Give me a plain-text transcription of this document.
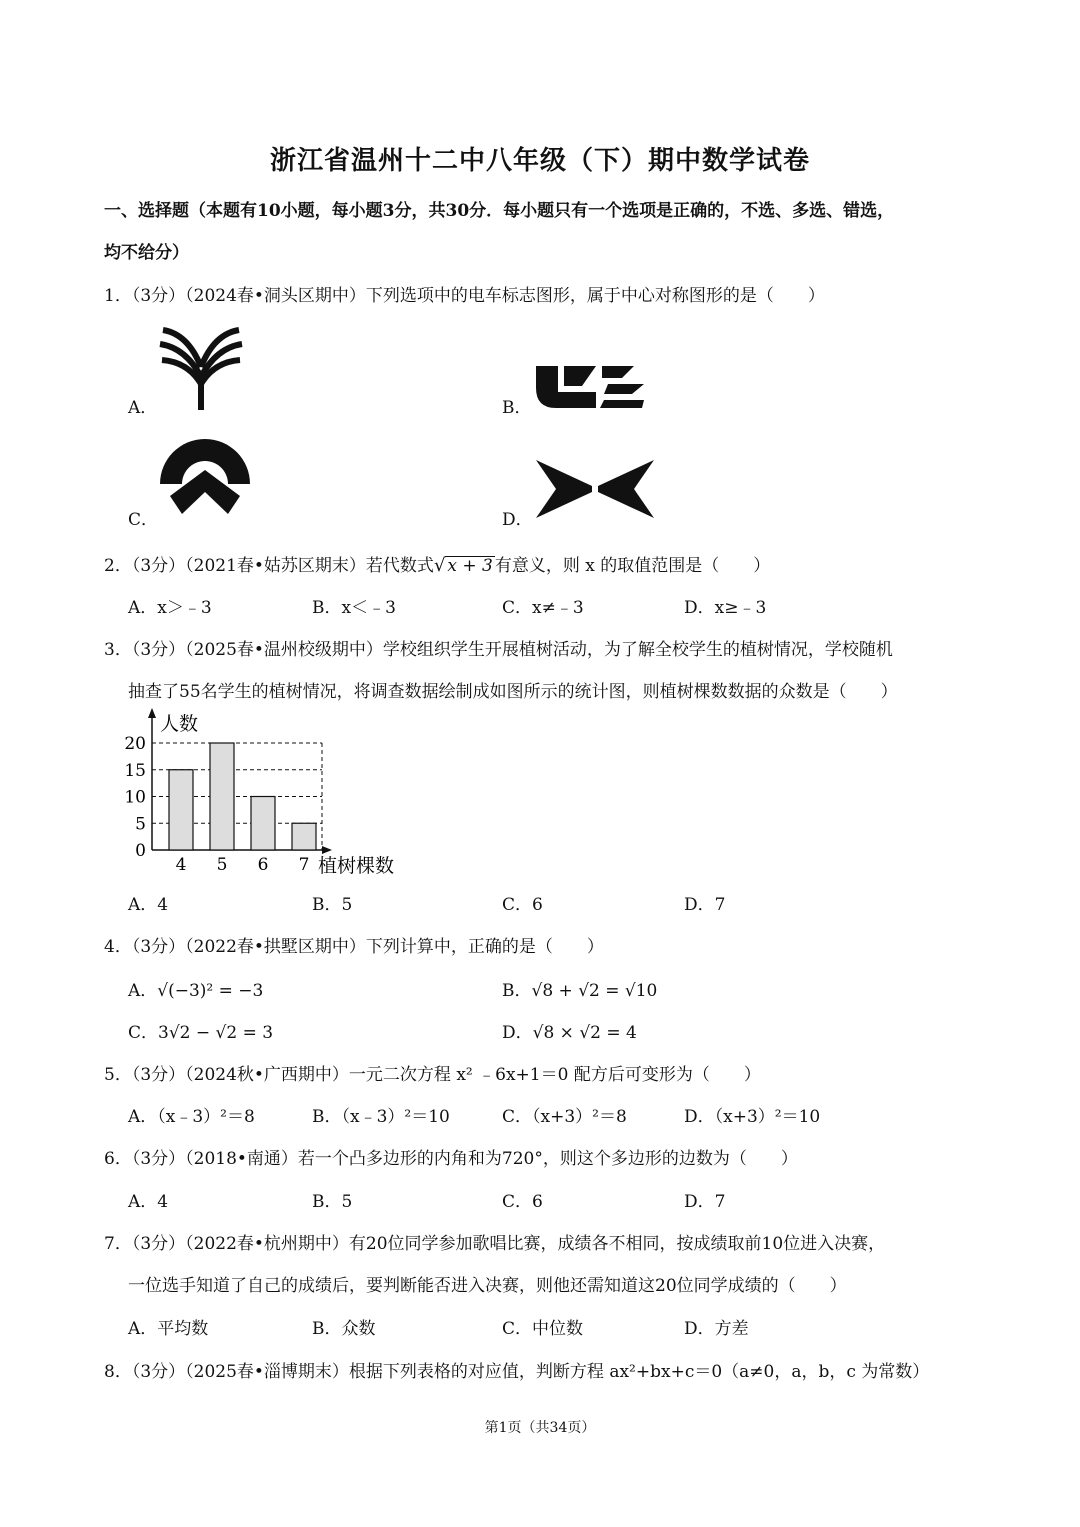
浙江省温州十二中八年级（下）期中数学试卷
一、选择题（本题有10小题，每小题3分，共30分．每小题只有一个选项是正确的，不选、多选、错选，
均不给分）
1．（3分）（2024春•洞头区期中）下列选项中的电车标志图形，属于中心对称图形的是（　　）
A．	B．
C．	D．
2．（3分）（2021春•姑苏区期末）若代数式√ x + 3 有意义，则 x 的取值范围是（　　）
A．x＞﹣3	B．x＜﹣3	C．x≠﹣3	D．x≥﹣3
3．（3分）（2025春•温州校级期中）学校组织学生开展植树活动，为了解全校学生的植树情况，学校随机
抽查了55名学生的植树情况，将调查数据绘制成如图所示的统计图，则植树棵数数据的众数是（　　）
0
5
10
15
20
4 5 6 7
人数
植树棵数
A．4	B．5	C．6	D．7
4．（3分）（2022春•拱墅区期中）下列计算中，正确的是（　　）
A．√(−3)² = −3	B．√8 + √2 = √10
C．3√2 − √2 = 3	D．√8 × √2 = 4
5．（3分）（2024秋•广西期中）一元二次方程 x² ﹣6x+1＝0 配方后可变形为（　　）
A．（x﹣3）²＝8	B．（x﹣3）²＝10	C．（x+3）²＝8	D．（x+3）²＝10
6．（3分）（2018•南通）若一个凸多边形的内角和为720°，则这个多边形的边数为（　　）
A．4	B．5	C．6	D．7
7．（3分）（2022春•杭州期中）有20位同学参加歌唱比赛，成绩各不相同，按成绩取前10位进入决赛，
一位选手知道了自己的成绩后，要判断能否进入决赛，则他还需知道这20位同学成绩的（　　）
A．平均数	B．众数	C．中位数	D．方差
8．（3分）（2025春•淄博期末）根据下列表格的对应值，判断方程 ax²+bx+c＝0（a≠0，a，b，c 为常数）
第1页（共34页）
